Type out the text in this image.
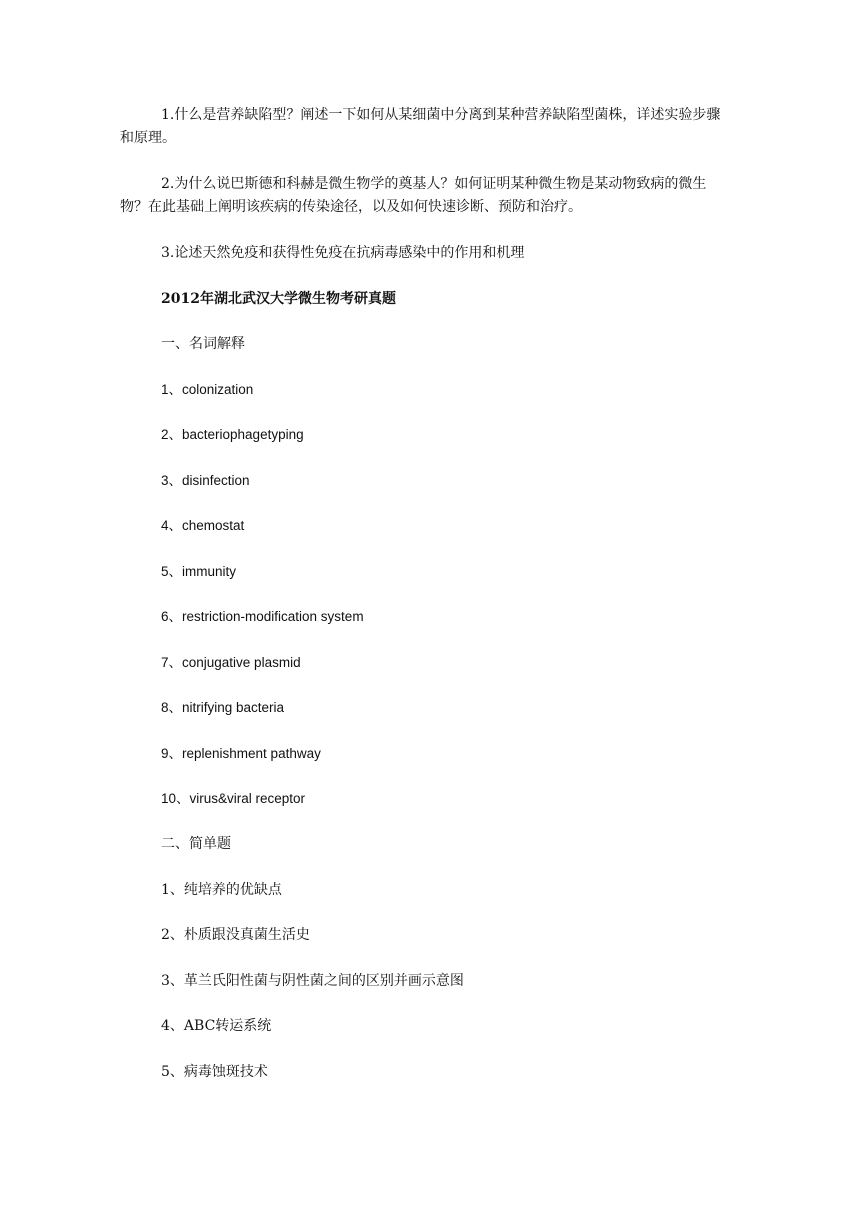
1.什么是营养缺陷型？阐述一下如何从某细菌中分离到某种营养缺陷型菌株，详述实验步骤和原理。

2.为什么说巴斯德和科赫是微生物学的奠基人？如何证明某种微生物是某动物致病的微生物？在此基础上阐明该疾病的传染途径，以及如何快速诊断、预防和治疗。

3.论述天然免疫和获得性免疫在抗病毒感染中的作用和机理

2012年湖北武汉大学微生物考研真题

一、名词解释

1、colonization

2、bacteriophagetyping

3、disinfection

4、chemostat

5、immunity

6、restriction-modification system

7、conjugative plasmid

8、nitrifying bacteria

9、replenishment pathway

10、virus&viral receptor

二、简单题

1、纯培养的优缺点

2、朴质跟没真菌生活史

3、革兰氏阳性菌与阴性菌之间的区别并画示意图

4、ABC转运系统

5、病毒蚀斑技术
